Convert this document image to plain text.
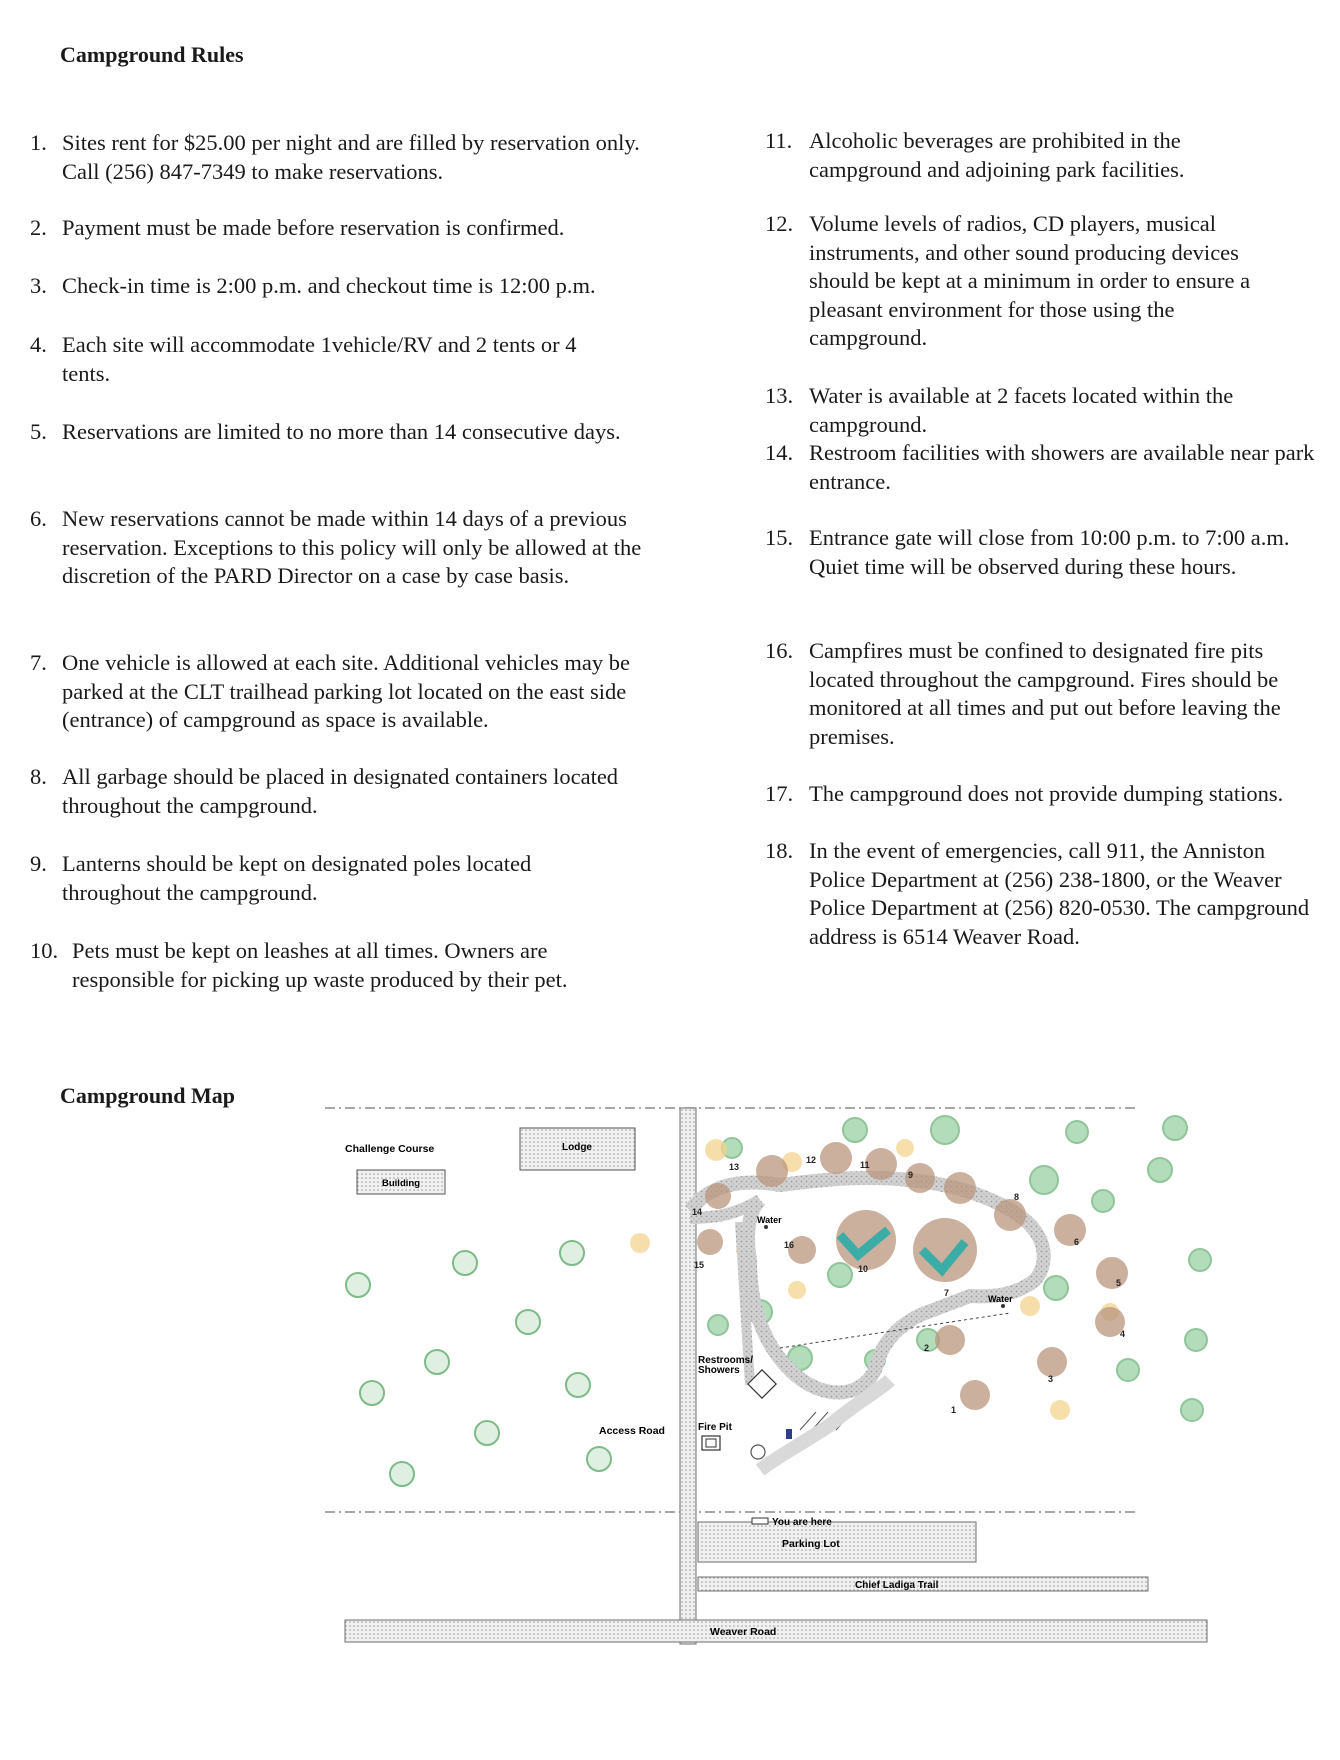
Campground Rules
1. Sites rent for $25.00 per night and are filled by reservation only. Call (256) 847-7349 to make reservations.
2. Payment must be made before reservation is confirmed.
3. Check-in time is 2:00 p.m. and checkout time is 12:00 p.m.
4. Each site will accommodate 1vehicle/RV and 2 tents or 4 tents.
5. Reservations are limited to no more than 14 consecutive days.
6. New reservations cannot be made within 14 days of a previous reservation. Exceptions to this policy will only be allowed at the discretion of the PARD Director on a case by case basis.
7. One vehicle is allowed at each site. Additional vehicles may be parked at the CLT trailhead parking lot located on the east side (entrance) of campground as space is available.
8. All garbage should be placed in designated containers located throughout the campground.
9. Lanterns should be kept on designated poles located throughout the campground.
10. Pets must be kept on leashes at all times. Owners are responsible for picking up waste produced by their pet.
11. Alcoholic beverages are prohibited in the campground and adjoining park facilities.
12. Volume levels of radios, CD players, musical instruments, and other sound producing devices should be kept at a minimum in order to ensure a pleasant environment for those using the campground.
13. Water is available at 2 facets located within the campground.
14. Restroom facilities with showers are available near park entrance.
15. Entrance gate will close from 10:00 p.m. to 7:00 a.m. Quiet time will be observed during these hours.
16. Campfires must be confined to designated fire pits located throughout the campground. Fires should be monitored at all times and put out before leaving the premises.
17. The campground does not provide dumping stations.
18. In the event of emergencies, call 911, the Anniston Police Department at (256) 238-1800, or the Weaver Police Department at (256) 820-0530. The campground address is 6514 Weaver Road.
Campground Map
Access Road
Weaver Road
Parking Lot
Chief Ladiga Trail
Challenge Course
Building
Lodge
1
2
3
4
5
6
7
8
9
10
11
12
13
14
15
16
Water
Water
Restrooms/
Showers
Fire Pit
You are here
